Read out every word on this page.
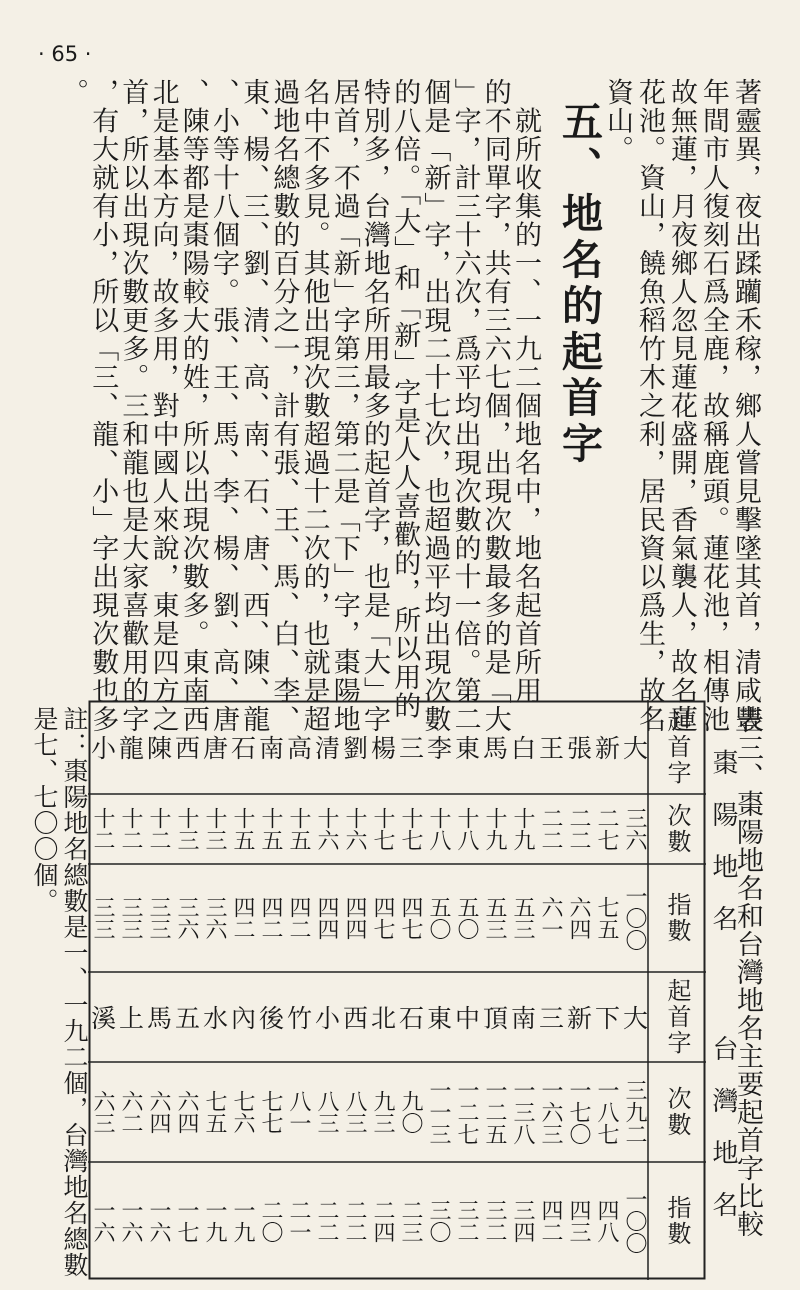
· 65 ·
著靈異，夜出蹂躪禾稼，鄉人嘗見擊墜其首，清咸豐
年間市人復刻石爲全鹿，故稱鹿頭。蓮花池，相傳池
故無蓮，月夜鄉人忽見蓮花盛開，香氣襲人，故名蓮
花池。資山，饒魚稻竹木之利，居民資以爲生，故名
資山。
五、地名的起首字
　就所收集的一、一九二個地名中，地名起首所用
的不同單字，共有三六七個，出現次數最多的是「大
」字，計三十六次，爲平均出現次數的十一倍。第二
個是「新」字，出現二十七次，也超過平均出現次數
的八倍。「大」和「新」字是人人喜歡的，所以用的
特別多，台灣地名所用最多的起首字，也是「大」字
居首，不過「新」字第三，第二是「下」字，棗陽地
名中不多見。其他出現次數超過十二次的，也就是超
過地名總數的百分之一，計有張、王、馬、白、李、
東、楊、三、劉、清、高、南、石、唐、西、陳、龍
、小等十八個字。張、王、馬、李、楊、劉、高、唐
、陳等都是棗陽較大的姓，所以出現次數多。東南西
北是基本方向，故多用，對中國人來說，東是四方之
首，所以出現次數更多。三和龍也是大家喜歡用的字
，有大就有小，所以「三、龍、小」字出現次數也多
。
表三、棗陽地名和台灣地名主要起首字比較
起首字
大
新
張
王
白
馬
東
李
三
楊
劉
清
高
南
石
唐
西
陳
龍
小
次數
三六
二七
二二
二二
十九
十九
十八
十八
十七
十七
十六
十六
十五
十五
十五
十三
十三
十二
十二
十二
指數
一〇〇
七五
六四
六一
五三
五三
五〇
五〇
四七
四七
四四
四四
四二
四二
四二
三六
三六
三三
三三
三三
起首字
大
下
新
三
南
頂
中
東
石
北
西
小
竹
後
內
水
五
馬
上
溪
次數
三九二
一八七
一七〇
一六三
一三八
一二五
一二七
一一三
九〇
九三
八三
八三
八一
七七
七六
七五
六四
六四
六二
六三
指數
一〇〇
四八
四三
四二
三四
三二
三二
三〇
二三
二四
二二
二二
二一
二〇
一九
一九
一七
一六
一六
一六
註：棗陽地名總數是一、一九二個，台灣地名總數
是七、七〇〇個。	棗　陽　地　名
台　灣　地　名
